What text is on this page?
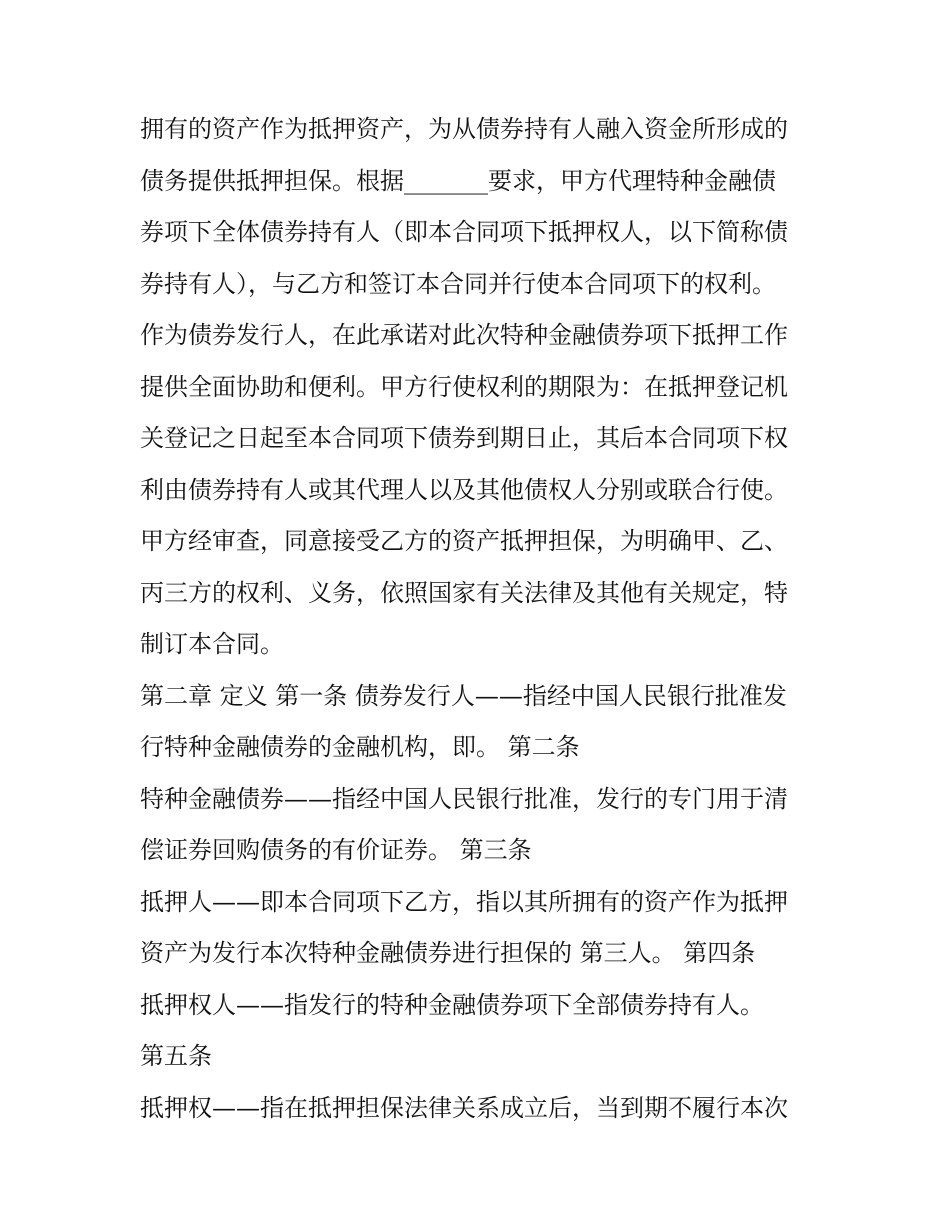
拥有的资产作为抵押资产，为从债券持有人融入资金所形成的
债务提供抵押担保。根据_______要求，甲方代理特种金融债
券项下全体债券持有人（即本合同项下抵押权人，以下简称债
券持有人），与乙方和签订本合同并行使本合同项下的权利。
作为债券发行人，在此承诺对此次特种金融债券项下抵押工作
提供全面协助和便利。甲方行使权利的期限为：在抵押登记机
关登记之日起至本合同项下债券到期日止，其后本合同项下权
利由债券持有人或其代理人以及其他债权人分别或联合行使。
甲方经审查，同意接受乙方的资产抵押担保，为明确甲、乙、
丙三方的权利、义务，依照国家有关法律及其他有关规定，特
制订本合同。
第二章 定义 第一条 债券发行人——指经中国人民银行批准发
行特种金融债券的金融机构，即。 第二条
特种金融债券——指经中国人民银行批准，发行的专门用于清
偿证券回购债务的有价证券。 第三条
抵押人——即本合同项下乙方，指以其所拥有的资产作为抵押
资产为发行本次特种金融债券进行担保的 第三人。 第四条
抵押权人——指发行的特种金融债券项下全部债券持有人。
第五条
抵押权——指在抵押担保法律关系成立后，当到期不履行本次
